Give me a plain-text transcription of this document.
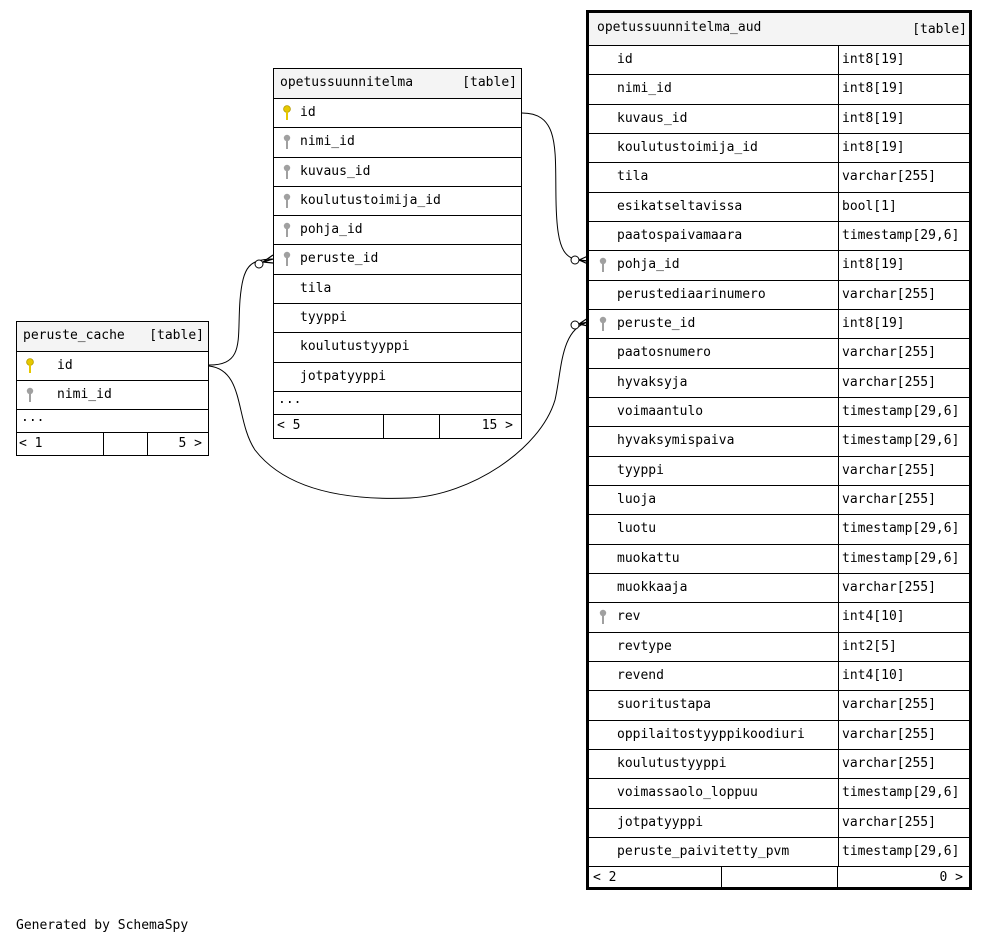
peruste_cache [table]
id
nimi_id
...
< 1	5 >
opetussuunnitelma	[table]
id
nimi_id
kuvaus_id
koulutustoimija_id
pohja_id
peruste_id
tila
tyyppi
koulutustyyppi
jotpatyyppi
...
< 5	15 >
opetussuunnitelma_aud	[table]
id	int8[19]
nimi_id	int8[19]
kuvaus_id	int8[19]
koulutustoimija_id	int8[19]
tila	varchar[255]
esikatseltavissa	bool[1]
paatospaivamaara	timestamp[29,6]
pohja_id	int8[19]
perustediaarinumero	varchar[255]
peruste_id	int8[19]
paatosnumero	varchar[255]
hyvaksyja	varchar[255]
voimaantulo	timestamp[29,6]
hyvaksymispaiva	timestamp[29,6]
tyyppi	varchar[255]
luoja	varchar[255]
luotu	timestamp[29,6]
muokattu	timestamp[29,6]
muokkaaja	varchar[255]
rev	int4[10]
revtype	int2[5]
revend	int4[10]
suoritustapa	varchar[255]
oppilaitostyyppikoodiuri	varchar[255]
koulutustyyppi	varchar[255]
voimassaolo_loppuu	timestamp[29,6]
jotpatyyppi	varchar[255]
peruste_paivitetty_pvm	timestamp[29,6]
< 2	0 >
Generated by SchemaSpy
